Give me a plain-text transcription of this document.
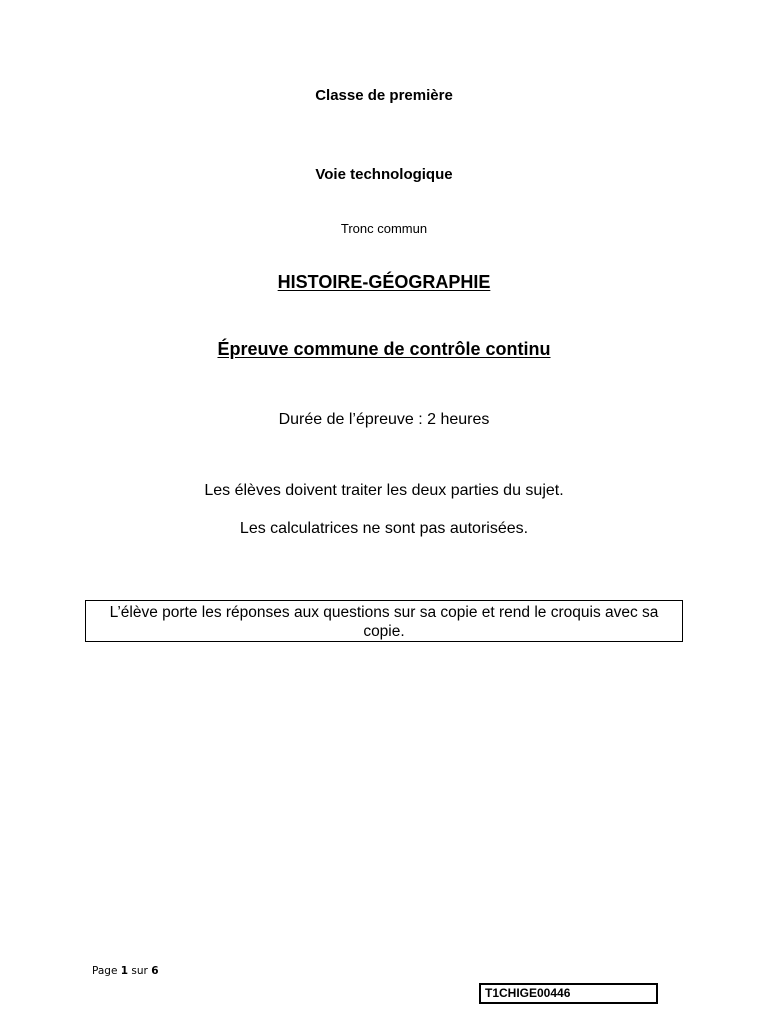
Classe de première
Voie technologique
Tronc commun
HISTOIRE-GÉOGRAPHIE
Épreuve commune de contrôle continu
Durée de l’épreuve : 2 heures
Les élèves doivent traiter les deux parties du sujet.
Les calculatrices ne sont pas autorisées.
L’élève porte les réponses aux questions sur sa copie et rend le croquis avec sa copie.
Page 1 sur 6
T1CHIGE00446
